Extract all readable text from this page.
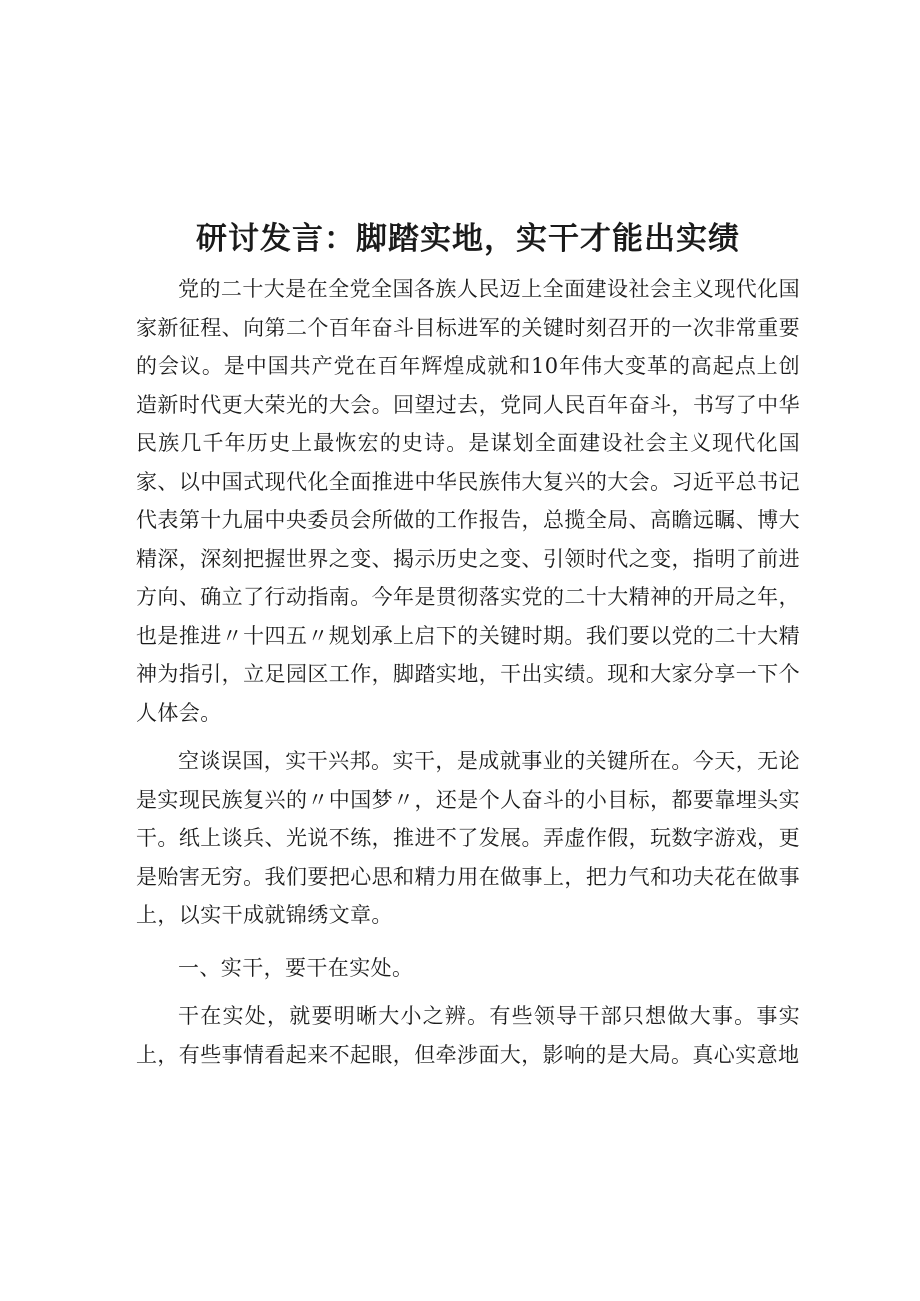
研讨发言：脚踏实地，实干才能出实绩

党的二十大是在全党全国各族人民迈上全面建设社会主义现代化国家新征程、向第二个百年奋斗目标进军的关键时刻召开的一次非常重要的会议。是中国共产党在百年辉煌成就和10年伟大变革的高起点上创造新时代更大荣光的大会。回望过去，党同人民百年奋斗，书写了中华民族几千年历史上最恢宏的史诗。是谋划全面建设社会主义现代化国家、以中国式现代化全面推进中华民族伟大复兴的大会。习近平总书记代表第十九届中央委员会所做的工作报告，总揽全局、高瞻远瞩、博大精深，深刻把握世界之变、揭示历史之变、引领时代之变，指明了前进方向、确立了行动指南。今年是贯彻落实党的二十大精神的开局之年，也是推进〃十四五〃规划承上启下的关键时期。我们要以党的二十大精神为指引，立足园区工作，脚踏实地，干出实绩。现和大家分享一下个人体会。

空谈误国，实干兴邦。实干，是成就事业的关键所在。今天，无论是实现民族复兴的〃中国梦〃，还是个人奋斗的小目标，都要靠埋头实干。纸上谈兵、光说不练，推进不了发展。弄虚作假，玩数字游戏，更是贻害无穷。我们要把心思和精力用在做事上，把力气和功夫花在做事上，以实干成就锦绣文章。

一、实干，要干在实处。

干在实处，就要明晰大小之辨。有些领导干部只想做大事。事实上，有些事情看起来不起眼，但牵涉面大，影响的是大局。真心实意地
